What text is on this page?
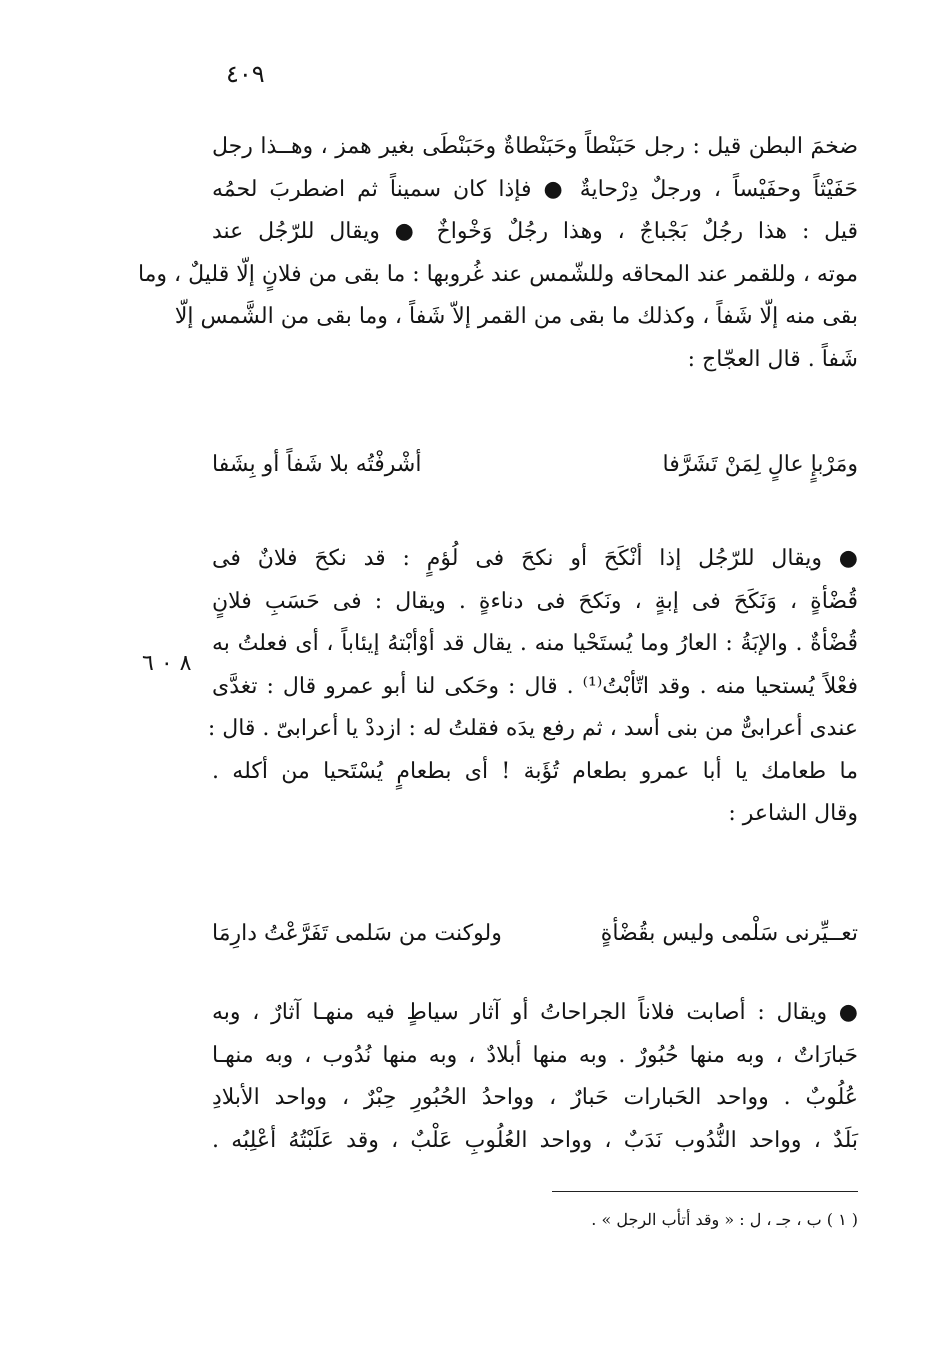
٤٠٩
ضخمَ البطن قيل : رجل حَبَنْطاً وحَبَنْطاةٌ وحَبَنْطَى بغير همز ، وهــذا رجل
حَفَيْثاً وحفَيْساً ، ورجلٌ دِرْحايةٌ ● فإذا كان سميناً ثم اضطربَ لحمُه
قيل : هذا رجُلٌ بَجْباجٌ ، وهذا رجُلٌ وَخْواخٌ ● ويقال للرّجُل عند
موته ، وللقمر عند المحاقه وللشّمس عند غُروبها : ما بقى من فلانٍ إلّا قليلٌ ، وما
بقى منه إلّا شَفاً ، وكذلك ما بقى من القمر إلاّ شَفاً ، وما بقى من الشَّمس إلّا
شَفاً . قال العجّاج :
ومَرْبإٍ عالٍ لِمَنْ تَشَرَّفا
أشْرفْتُه بلا شَفاً أو بِشَفا
● ويقال للرّجُل إذا أنْكَحَ أو نكحَ فى لُؤمٍ : قد نكحَ فلانٌ فى
قُضْأةٍ ، وَنَكَحَ فى إبةٍ ، ونَكحَ فى دناءةٍ . ويقال : فى حَسَبِ فلانٍ
قُضْأةٌ . والإبَةُ : العارُ وما يُستَحْيا منه . يقال قد أوْأبْتهُ إيئاباً ، أى فعلتُ به
فعْلاً يُستحيا منه . وقد اتّأبْتُ⁽¹⁾ . قال : وحَكى لنا أبو عمرو قال : تغدَّى
عندى أعرابىٌّ من بنى أسد ، ثم رفع يدَه فقلتُ له : ازددْ يا أعرابىّ . قال :
ما طعامك يا أبا عمرو بطعام تُؤَبة ! أى بطعامٍ يُسْتَحيا من أكله .
وقال الشاعر :
٨ ٠ ٦
تعــيِّرنى سَلْمى وليس بقُضْأةٍ
ولوكنت من سَلمى تَفَرَّعْتُ دارِمَا
● ويقال : أصابت فلاناً الجراحاتُ أو آثار سياطٍ فيه منهـا آثارٌ ، وبه
حَبارَاتٌ ، وبه منها حُبُورٌ . وبه منها أبلادٌ ، وبه منها نُدُوب ، وبه منهـا
عُلُوبٌ . وواحد الحَبارات حَبارٌ ، وواحدُ الحُبُورِ حِبْرٌ ، وواحد الأبلادِ
بَلَدٌ ، وواحد النُّدُوب نَدَبٌ ، وواحد العُلُوبِ عَلْبٌ ، وقد عَلَبْتُهُ أعْلِبُه .
( ١ ) ب ، جـ ، ل : « وقد أتأب الرجل » .
